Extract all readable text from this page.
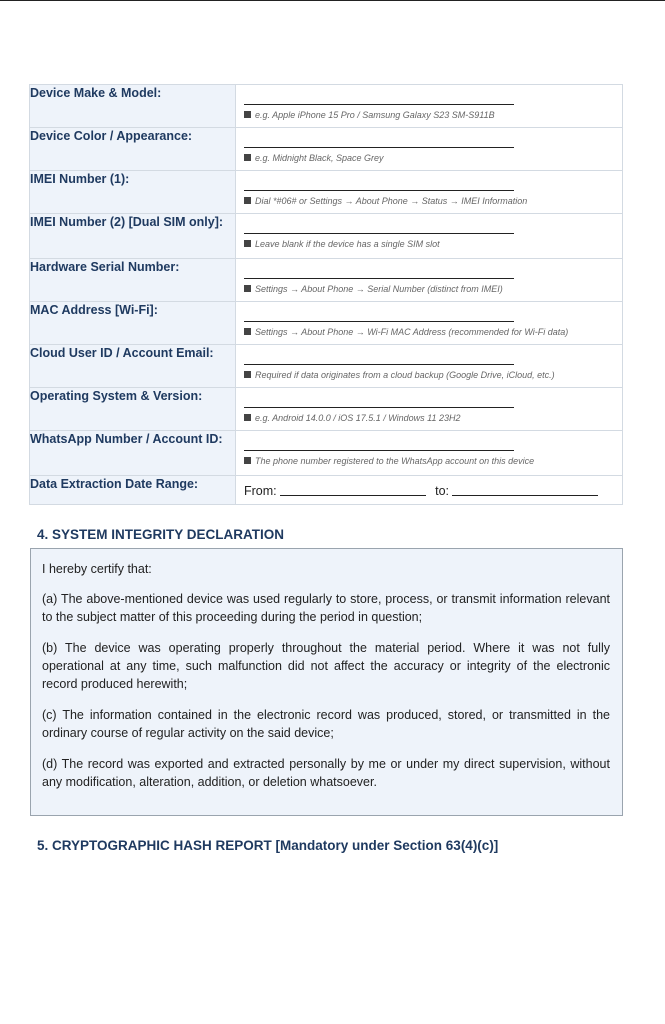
Device Make & Model:	e.g. Apple iPhone 15 Pro / Samsung Galaxy S23 SM-S911B

Device Color / Appearance:	e.g. Midnight Black, Space Grey

IMEI Number (1):	Dial *#06# or Settings → About Phone → Status → IMEI Information

IMEI Number (2) [Dual SIM only]:	Leave blank if the device has a single SIM slot

Hardware Serial Number:	Settings → About Phone → Serial Number (distinct from IMEI)

MAC Address [Wi-Fi]:	Settings → About Phone → Wi-Fi MAC Address (recommended for Wi-Fi data)

Cloud User ID / Account Email:	Required if data originates from a cloud backup (Google Drive, iCloud, etc.)

Operating System & Version:	e.g. Android 14.0.0 / iOS 17.5.1 / Windows 11 23H2

WhatsApp Number / Account ID:	The phone number registered to the WhatsApp account on this device

Data Extraction Date Range:	From: to:
4. SYSTEM INTEGRITY DECLARATION

I hereby certify that:

(a) The above-mentioned device was used regularly to store, process, or transmit information relevant to the subject matter of this proceeding during the period in question;

(b) The device was operating properly throughout the material period. Where it was not fully operational at any time, such malfunction did not affect the accuracy or integrity of the electronic record produced herewith;

(c) The information contained in the electronic record was produced, stored, or transmitted in the ordinary course of regular activity on the said device;

(d) The record was exported and extracted personally by me or under my direct supervision, without any modification, alteration, addition, or deletion whatsoever.

5. CRYPTOGRAPHIC HASH REPORT [Mandatory under Section 63(4)(c)]
